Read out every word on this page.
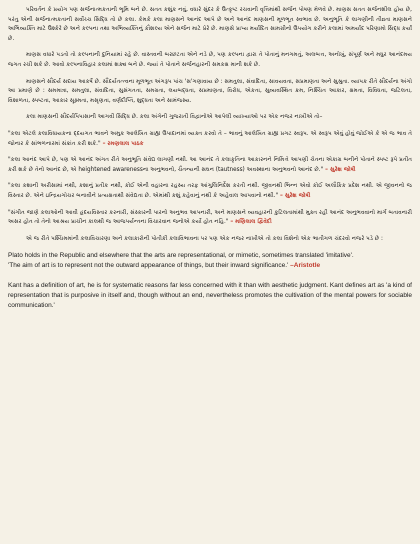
પરિવર્તન કે પ્રયોગ પણ સર્જનાત્મકતાની ભૂમિ બને છે. સતત કશુંક નવું, વધારે સુંદર કે ઉત્કૃષ્ટ રચવાની વૃત્તિમાંથી સર્જન પોષણ મેળવે છે. માણસ સતત સર્જનશીલ હોય છે, પરંતુ એની સર્જનાત્મકતાની સર્વોચ્ચ સિદ્ધિ તો છે કલા. કેમકે કલા માણસને આનંદ આપે છે અને આનંદ માણસની મૂળભૂત સ્વભાવ છે. અનુભૂતિ કે લાગણીની તીવ્રતા માણસને અભિવ્યક્તિ માટે ઉશ્કેરે છે અને કલ્પના તથા અભિવ્યક્તિનું કૌશલ્ય એને સર્જન માટે પ્રેરે છે. માણસે પ્રાપ્ય મર્યાદિત સામગ્રીનો ઉપયોગ કરીને કલામાં અમર્યાદ પરિણામો સિદ્ધ કર્યાં છે.

માણસ વધારે પડતો તો કલ્પનાની દુનિયામાં રહે છે. વાસ્તવની બરછટતા એને નડે છે, પણ કલ્પના દ્વારા તે પોતાનું મનગમતું, અલબત્ત, અનોખું, સંપૂર્ણ અને મધુર આનંદમય જગત રચી શકે છે. આવો કલ્પનાવિહાર કલામાં શક્ય બને છે. જ્યાં તે પોતાને સર્જનહારની સમકક્ષ માની શકે છે.

માણસને સૌંદર્ય સદાય આકર્ષે છે. સૌંદર્યતત્ત્વના મૂળભૂત અંગરૂપ પાંચ 'સ'ગણાવાય છે : સમતુલા, સંવાદિતા, સાવયવતા, સપ્રમાણતા અને સુશ્રુતા. વ્યાપક રીતે સૌંદર્યના અંગો આ પ્રમાણે છે : સમમાત્રા, સમતુલા, સંવાદિતા, સુસંગતતા, સમગ્રતા, લયબદ્ધતા, સપ્રમાણતા, વિરોધ, એકતા, સુવ્યવસ્થિત ક્રમ, નિશ્ચિત આકાર, ક્ષમતા, વિવિધતા, જટિલતા, વિશાળતા, સ્પષ્ટતા, આકાર સૂક્ષ્મતા, મસૃણતા, વર્ણદીપ્તિ, શુદ્ધતા અને સામંજસ્ય.

કલા માણસની સૌંદર્યપિપાસાની આગવી સિદ્ધિ છે. કલા અંગેની ગુજરાતી વિદ્વાનોએ આપેલી વ્યાખ્યાઓ પર એક નજર નાખીએ તો–

"કલા એટલે કલાવિધાયકના દ્દયગત ભાવને અમુક આલેખિત ગ્રાહ્ય ઉપાદાનમાં વ્યક્ત કરવો તે – ભાવનું આલેખિત ગ્રાહ્ય પ્રગટ સ્વરૂપ. એ સ્વરૂપ એવું હોવું જોઈએ કે એ જ ભાવ તે જોનાર કે સાંભળનારમાં સંક્રાંત કરી શકે." – રમણલાલ પાઠક

"કલા આનંદ આપે છે, પણ એ આનંદ અંગત રીતે અનુભૂતિ સંવેદ્ય લાગણી નથી. આ આનંદ તે કલાકૃતિના આકારનને નિમિત્તે આપણી ચેતના એકાગ્ર બનીને પોતાને સ્પષ્ટ રૂપે પ્રતીત કરી શકે છે તેનો આનંદ છે, એ heightened awarenessના અનુભવનો, ચૈતન્યની સઘન (tautness) અવસ્થાના અનુભવનો આનંદ છે." – સુરેશ જોષી

"કલા કશાની અરીસામાં નથી, કશાનું પ્રતીક નથી, કોઈ એની વહારના રહસ્ય તરફ આંગુલિનિર્દેશ કરતી નથી. જીવનથી ભિન્ન એવો કોઈ અલૌકિક પ્રદેશ નથી. એ જીવનનો જ વિસ્તાર છે. એને ઇન્દ્રિયગોચર બનાવીને પ્રત્યક્ષતાથી સંવેદ્યતા છે. એમાંથી કશું કહેવાનું નથી કે અહેવાલ આપવાનો નથી." – સુરેશ જોષી

"સંગીત જાણે કલાઓની આવી હૃદયવિસ્તાર કરનારી, સંસ્કારની પારનો અનુભવ આપનારી, અને માણસને વ્યવહારની કુટિલતામાંથી મુક્ત રહી આનંદ અનુભવવાનો માર્ગ બતાવનારી અસર હોત તો તેનો આશ્રય પ્રાચીન કાલથી જ આજપર્યન્તના વિચારવાન જનોએ કર્યો હોત નહિ." – મણિલાલ દ્વિવેદી

એ જ રીતે પશ્ચિમમાંની કલાવિચારણા અને કલાકારોની પોતીકી કલાવિભાવના પર પણ એક નજર નાખીએ તો કલા વિશેનો એક ભાતીગળ ચંદરવો નજરે પડે છે :

Plato holds in the Republic and elsewhere that the arts are representational, or mimetic, sometimes translated 'imitative'.
'The aim of art is to represent not the outward appearance of things, but their inward significance.' –Aristotle

Kant has a definition of art, he is for systematic reasons far less concerned with it than with aesthetic judgment. Kant defines art as 'a kind of representation that is purposive in itself and, though without an end, nevertheless promotes the cultivation of the mental powers for sociable communication.'
